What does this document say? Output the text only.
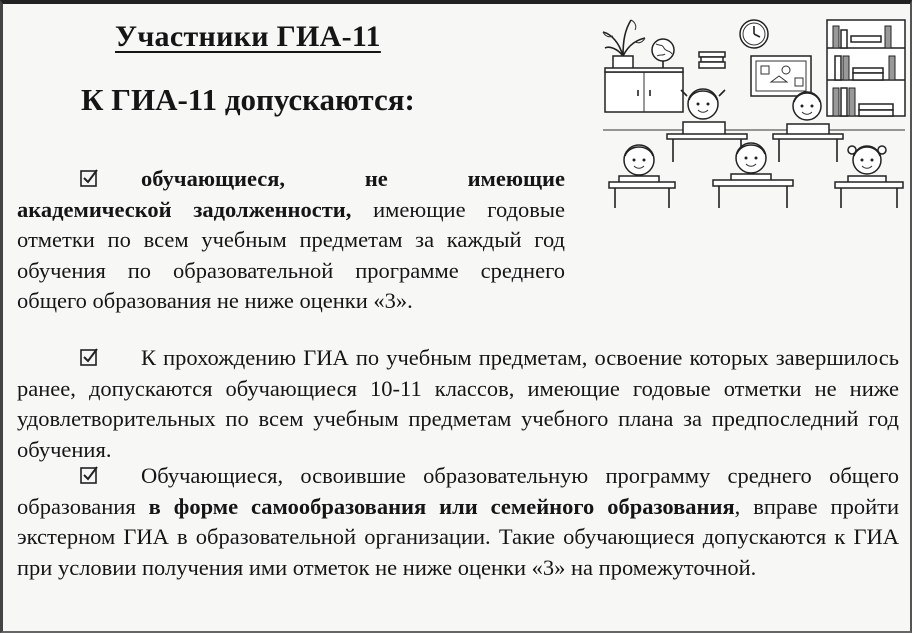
Участники ГИА-11
К ГИА-11 допускаются:
обучающиеся, не имеющие академической задолженности, имеющие годовые отметки по всем учебным предметам за каждый год обучения по образовательной программе среднего общего образования не ниже оценки «3».
К прохождению ГИА по учебным предметам, освоение которых завершилось ранее, допускаются обучающиеся 10-11 классов, имеющие годовые отметки не ниже удовлетворительных по всем учебным предметам учебного плана за предпоследний год обучения.
Обучающиеся, освоившие образовательную программу среднего общего образования в форме самообразования или семейного образования, вправе пройти экстерном ГИА в образовательной организации. Такие обучающиеся допускаются к ГИА при условии получения ими отметок не ниже оценки «3» на промежуточной.
